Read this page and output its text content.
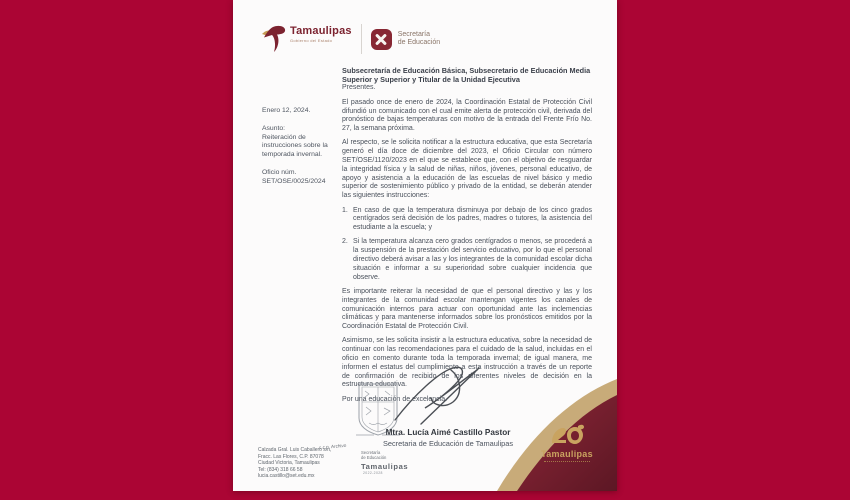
Tamaulipas
Gobierno del Estado
Secretaría
de Educación
Enero 12, 2024.
Asunto:
Reiteración de instrucciones sobre la temporada invernal.
Oficio núm.
SET/OSE/0025/2024
Subsecretaría de Educación Básica, Subsecretario de Educación Media Superior y Superior y Titular de la Unidad Ejecutiva
Presentes.

El pasado once de enero de 2024, la Coordinación Estatal de Protección Civil difundió un comunicado con el cual emite alerta de protección civil, derivada del pronóstico de bajas temperaturas con motivo de la entrada del Frente Frío No. 27, la semana próxima.

Al respecto, se le solicita notificar a la estructura educativa, que esta Secretaría generó el día doce de diciembre del 2023, el Oficio Circular con número SET/OSE/1120/2023 en el que se establece que, con el objetivo de resguardar la integridad física y la salud de niñas, niños, jóvenes, personal educativo, de apoyo y asistencia a la educación de las escuelas de nivel básico y medio superior de sostenimiento público y privado de la entidad, se deberán atender las siguientes instrucciones:

1. En caso de que la temperatura disminuya por debajo de los cinco grados centígrados será decisión de los padres, madres o tutores, la asistencia del estudiante a la escuela; y
2. Si la temperatura alcanza cero grados centígrados o menos, se procederá a la suspensión de la prestación del servicio educativo, por lo que el personal directivo deberá avisar a las y los integrantes de la comunidad escolar dicha situación e informar a su superioridad sobre cualquier incidencia que observe.

Es importante reiterar la necesidad de que el personal directivo y las y los integrantes de la comunidad escolar mantengan vigentes los canales de comunicación internos para actuar con oportunidad ante las inclemencias climáticas y para mantenerse informados sobre los pronósticos emitidos por la Coordinación Estatal de Protección Civil.

Asimismo, se les solicita insistir a la estructura educativa, sobre la necesidad de continuar con las recomendaciones para el cuidado de la salud, incluidas en el oficio en comento durante toda la temporada invernal; de igual manera, me informen el estatus del cumplimiento a esta instrucción a través de un reporte de confirmación de recibido de los diferentes niveles de decisión en la estructura educativa.

Por una educación de excelencia.
Mtra. Lucía Aimé Castillo Pastor
Secretaria de Educación de Tamaulipas
Calzada Gral. Luis Caballero s/n,
Fracc. Las Flores, C.P. 87078
Ciudad Victoria, Tamaulipas
Tel: (834) 318 66 58
lucia.castillo@set.edu.mx
c.c.p. Archivo
Secretaría
de Educación
Tamaulipas
2022-2028
Tamaulipas
